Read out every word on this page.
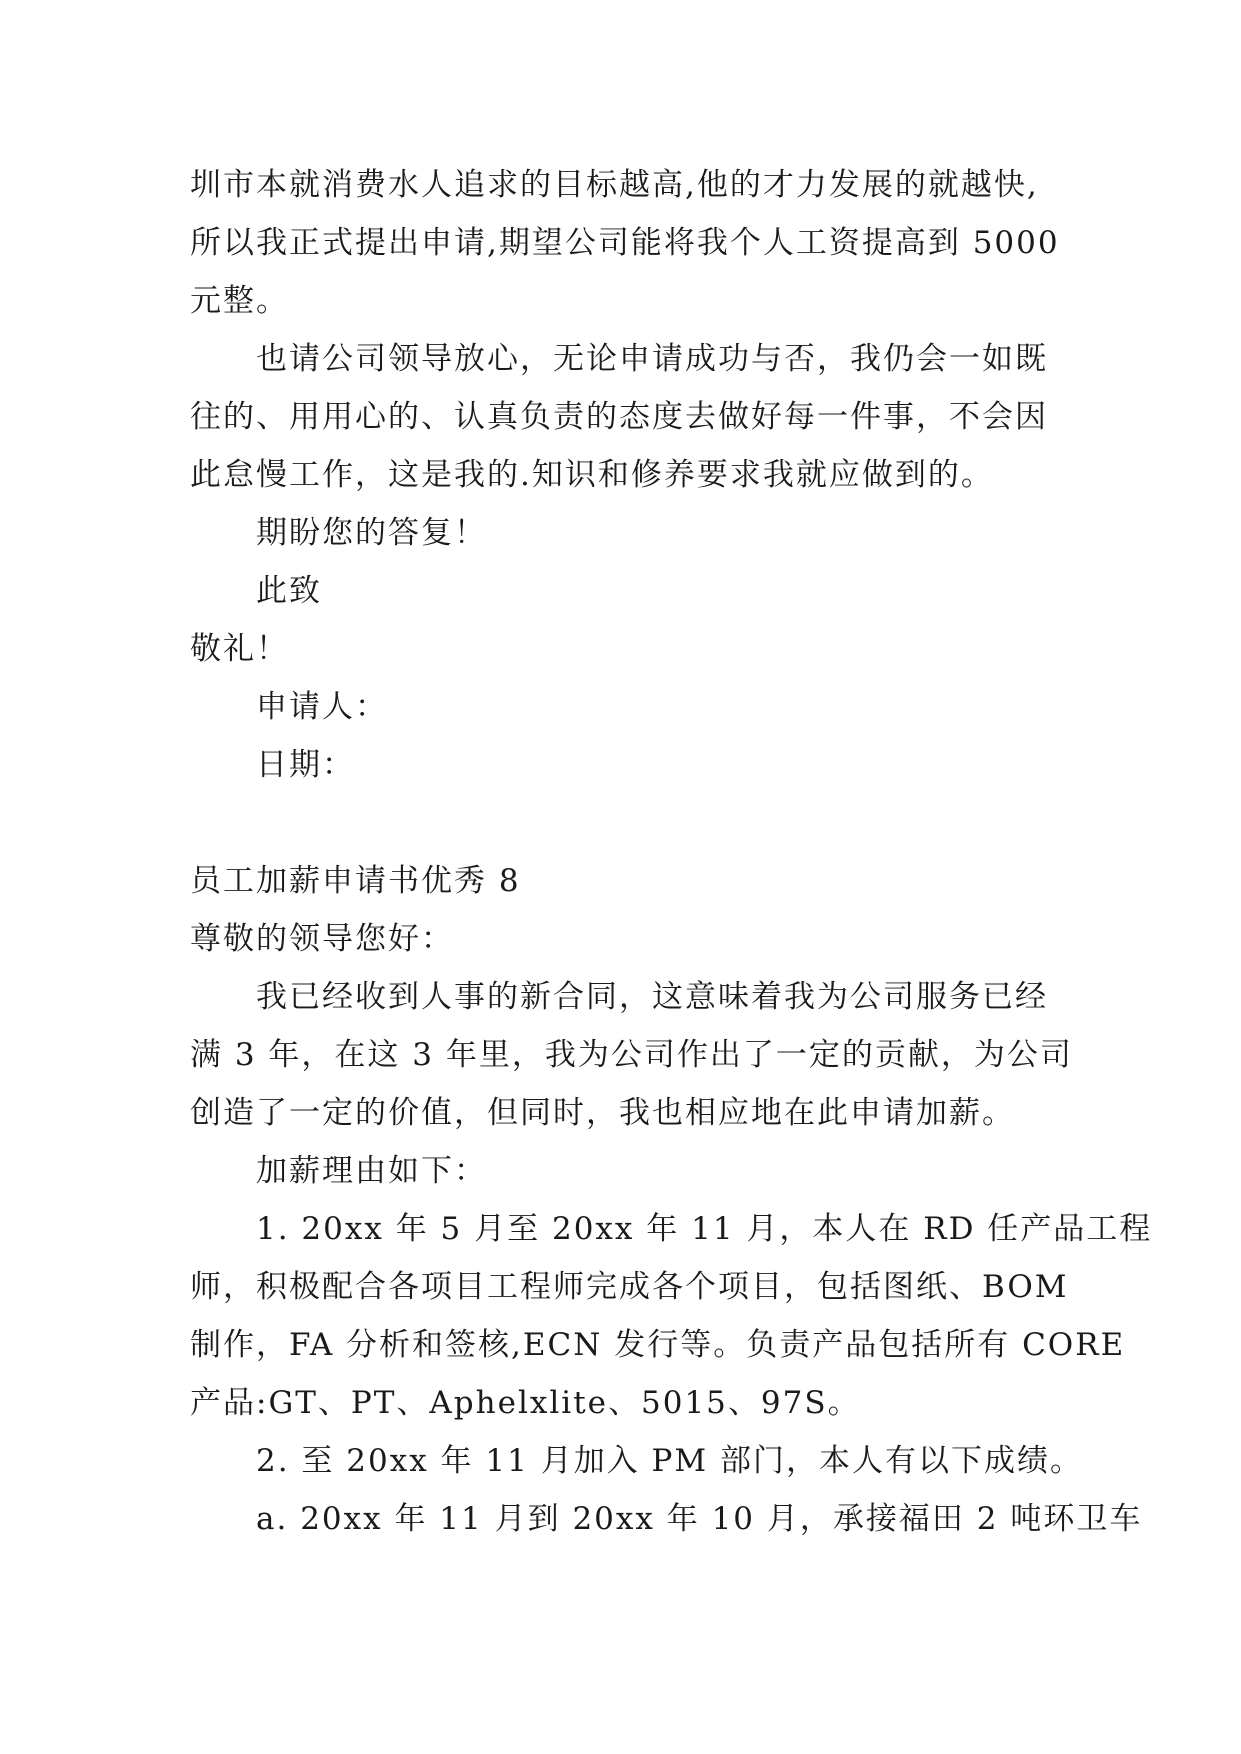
圳市本就消费水人追求的目标越高,他的才力发展的就越快,
所以我正式提出申请,期望公司能将我个人工资提高到 5000
元整。
也请公司领导放心，无论申请成功与否，我仍会一如既
往的、用用心的、认真负责的态度去做好每一件事，不会因
此怠慢工作，这是我的.知识和修养要求我就应做到的。
期盼您的答复！
此致
敬礼！
申请人：
日期：
员工加薪申请书优秀 8
尊敬的领导您好：
我已经收到人事的新合同，这意味着我为公司服务已经
满 3 年，在这 3 年里，我为公司作出了一定的贡献，为公司
创造了一定的价值，但同时，我也相应地在此申请加薪。
加薪理由如下：
1. 20xx 年 5 月至 20xx 年 11 月，本人在 RD 任产品工程
师，积极配合各项目工程师完成各个项目，包括图纸、BOM
制作，FA 分析和签核,ECN 发行等。负责产品包括所有 CORE
产品:GT、PT、Aphelxlite、5015、97S。
2. 至 20xx 年 11 月加入 PM 部门，本人有以下成绩。
a. 20xx 年 11 月到 20xx 年 10 月，承接福田 2 吨环卫车
